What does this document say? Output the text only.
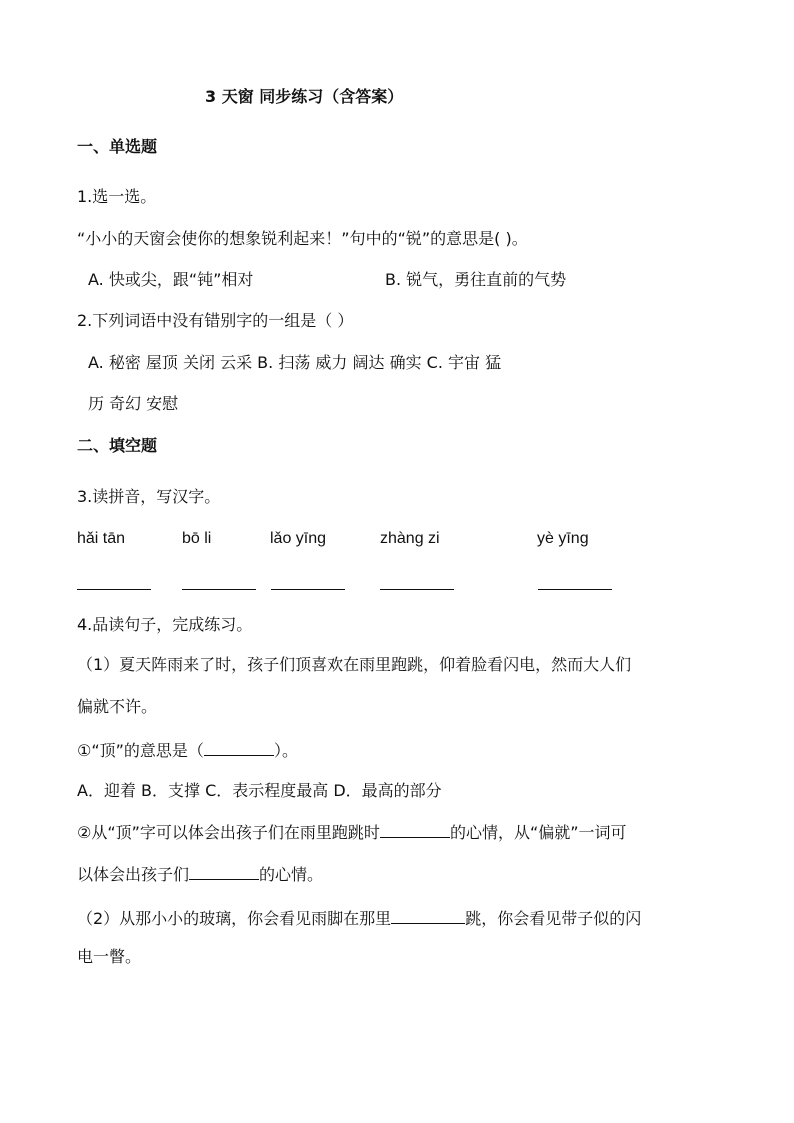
3 天窗 同步练习（含答案）
一、单选题
1.选一选。
“小小的天窗会使你的想象锐利起来！”句中的“锐”的意思是( )。
A. 快或尖，跟“钝”相对	B. 锐气，勇往直前的气势
2.下列词语中没有错别字的一组是（ ）
A. 秘密 屋顶 关闭 云采 B. 扫荡 威力 阔达 确实 C. 宇宙 猛
历 奇幻 安慰
二、填空题
3.读拼音，写汉字。
hǎi tān	bō li	lǎo yīng	zhàng zi	yè yīng
4.品读句子，完成练习。
（1）夏天阵雨来了时，孩子们顶喜欢在雨里跑跳，仰着脸看闪电，然而大人们
偏就不许。
①“顶”的意思是（	）。
A．迎着 B．支撑 C．表示程度最高 D．最高的部分
②从“顶”字可以体会出孩子们在雨里跑跳时	的心情，从“偏就”一词可
以体会出孩子们	的心情。
（2）从那小小的玻璃，你会看见雨脚在那里	跳，你会看见带子似的闪
电一瞥。
